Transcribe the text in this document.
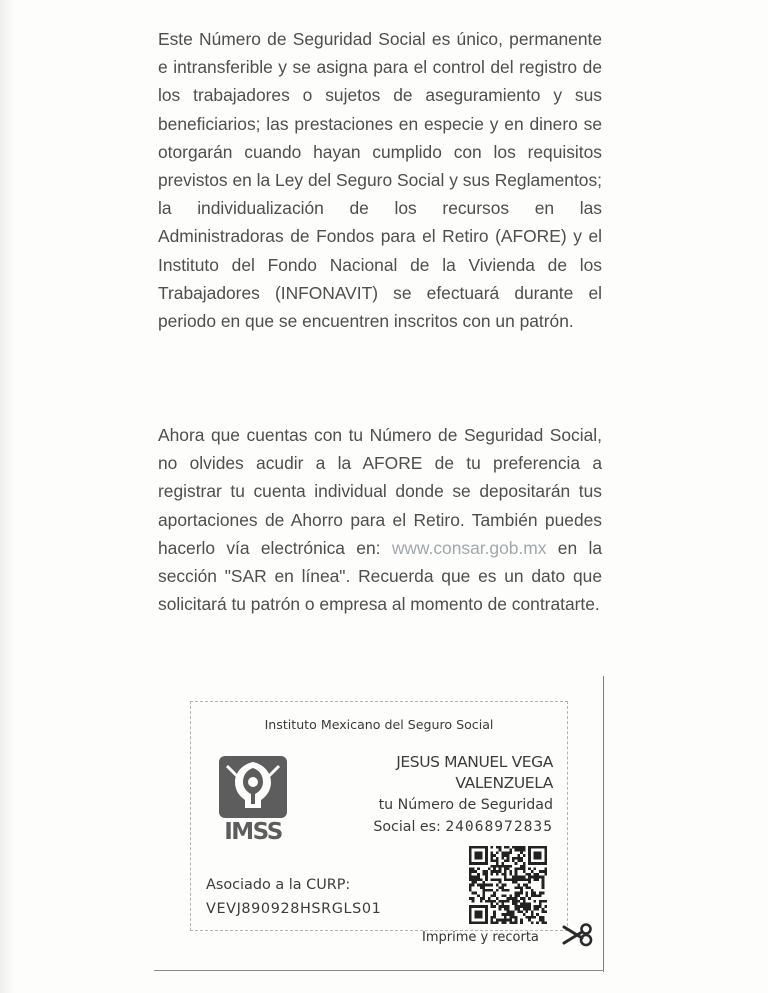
Este Número de Seguridad Social es único, permanente e intransferible y se asigna para el control del registro de los trabajadores o sujetos de aseguramiento y sus beneficiarios; las prestaciones en especie y en dinero se otorgarán cuando hayan cumplido con los requisitos previstos en la Ley del Seguro Social y sus Reglamentos; la individualización de los recursos en las Administradoras de Fondos para el Retiro (AFORE) y el Instituto del Fondo Nacional de la Vivienda de los Trabajadores (INFONAVIT) se efectuará durante el periodo en que se encuentren inscritos con un patrón.

Ahora que cuentas con tu Número de Seguridad Social, no olvides acudir a la AFORE de tu preferencia a registrar tu cuenta individual donde se depositarán tus aportaciones de Ahorro para el Retiro. También puedes hacerlo vía electrónica en: www.consar.gob.mx en la sección "SAR en línea". Recuerda que es un dato que solicitará tu patrón o empresa al momento de contratarte.

Instituto Mexicano del Seguro Social
IMSS
JESUS MANUEL VEGA
VALENZUELA
tu Número de Seguridad
Social es: 24068972835
Asociado a la CURP:
VEVJ890928HSRGLS01
Imprime y recorta
